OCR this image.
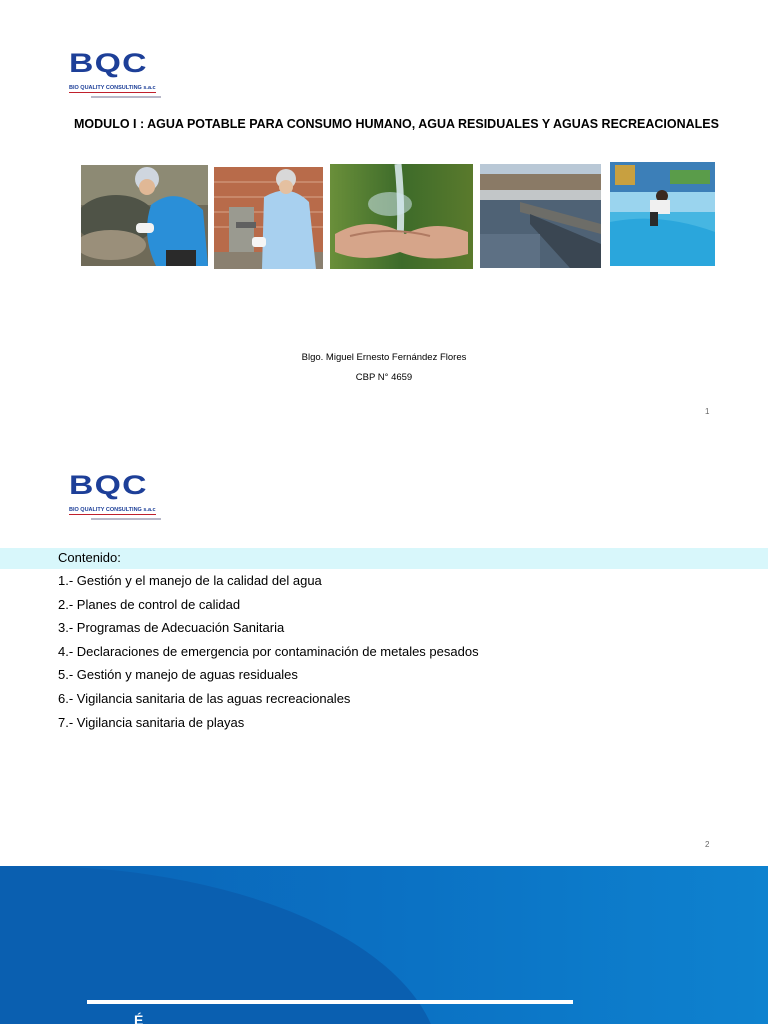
BQC
BIO QUALITY CONSULTING s.a.c
MODULO I : AGUA POTABLE PARA CONSUMO HUMANO, AGUA RESIDUALES Y AGUAS RECREACIONALES
Blgo. Miguel Ernesto Fernández Flores
CBP N° 4659
1
BQC
BIO QUALITY CONSULTING s.a.c
Contenido:
1.- Gestión y el manejo de la calidad del agua
2.- Planes de control de calidad
3.- Programas de Adecuación Sanitaria
4.- Declaraciones de emergencia por contaminación de metales pesados
5.- Gestión y manejo de aguas residuales
6.- Vigilancia sanitaria de las aguas recreacionales
7.- Vigilancia sanitaria de playas
2
É
